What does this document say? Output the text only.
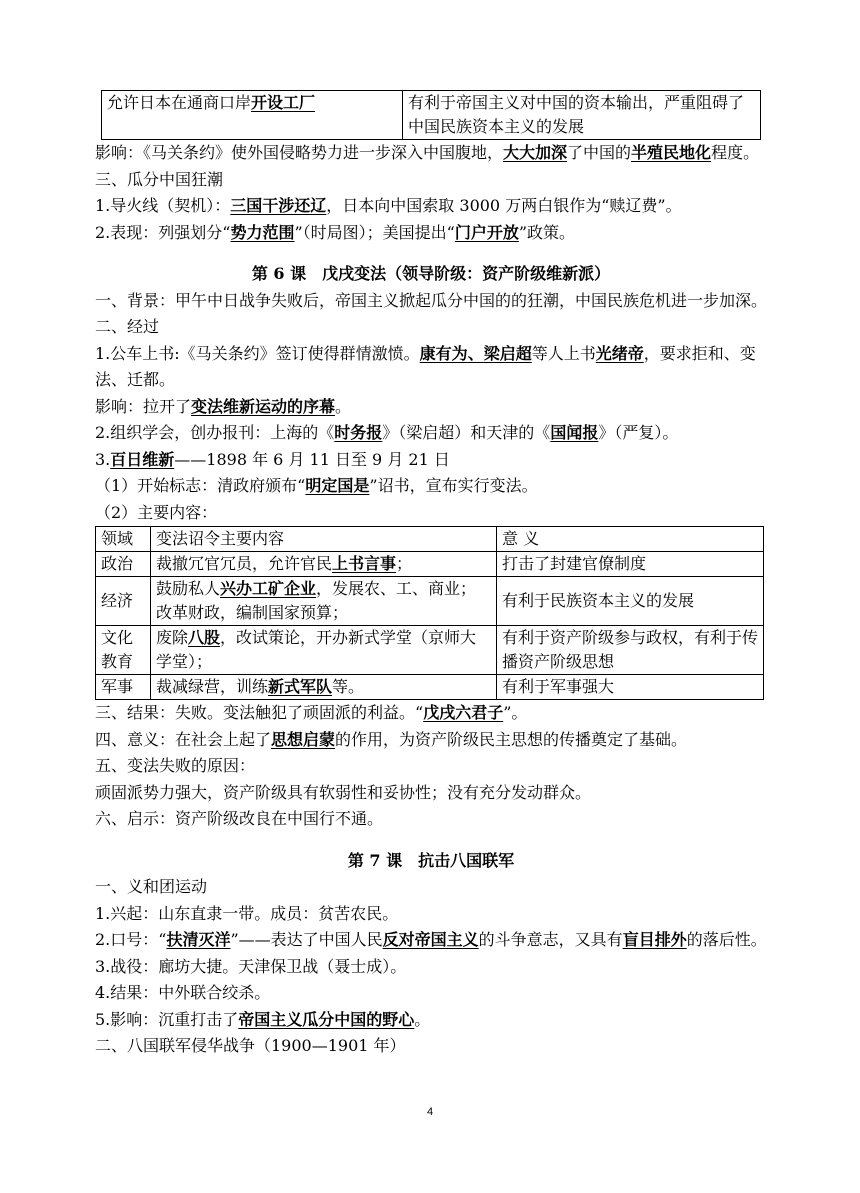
允许日本在通商口岸开设工厂	有利于帝国主义对中国的资本输出，严重阻碍了中国民族资本主义的发展
影响：《马关条约》使外国侵略势力进一步深入中国腹地，大大加深了中国的半殖民地化程度。
三、瓜分中国狂潮
1.导火线（契机）：三国干涉还辽，日本向中国索取 3000 万两白银作为“赎辽费”。
2.表现：列强划分“势力范围”（时局图）；美国提出“门户开放”政策。
第 6 课　戊戌变法（领导阶级：资产阶级维新派）
一、背景：甲午中日战争失败后，帝国主义掀起瓜分中国的的狂潮，中国民族危机进一步加深。
二、经过
1.公车上书:《马关条约》签订使得群情激愤。康有为、梁启超等人上书光绪帝，要求拒和、变法、迁都。
影响：拉开了变法维新运动的序幕。
2.组织学会，创办报刊：上海的《时务报》（梁启超）和天津的《国闻报》（严复）。
3.百日维新——1898 年 6 月 11 日至 9 月 21 日
（1）开始标志：清政府颁布“明定国是”诏书，宣布实行变法。
（2）主要内容：
领域	变法诏令主要内容	意 义
政治	裁撤冗官冗员，允许官民上书言事；	打击了封建官僚制度
经济	鼓励私人兴办工矿企业，发展农、工、商业；改革财政，编制国家预算；	有利于民族资本主义的发展
文化教育	废除八股，改试策论，开办新式学堂（京师大学堂）；	有利于资产阶级参与政权，有利于传播资产阶级思想
军事	裁减绿营，训练新式军队等。	有利于军事强大
三、结果：失败。变法触犯了顽固派的利益。“戊戌六君子”。
四、意义：在社会上起了思想启蒙的作用，为资产阶级民主思想的传播奠定了基础。
五、变法失败的原因：
顽固派势力强大，资产阶级具有软弱性和妥协性；没有充分发动群众。
六、启示：资产阶级改良在中国行不通。
第 7 课　抗击八国联军
一、义和团运动
1.兴起：山东直隶一带。成员：贫苦农民。
2.口号：“扶清灭洋”——表达了中国人民反对帝国主义的斗争意志，又具有盲目排外的落后性。
3.战役：廊坊大捷。天津保卫战（聂士成）。
4.结果：中外联合绞杀。
5.影响：沉重打击了帝国主义瓜分中国的野心。
二、八国联军侵华战争（1900—1901 年）
4
